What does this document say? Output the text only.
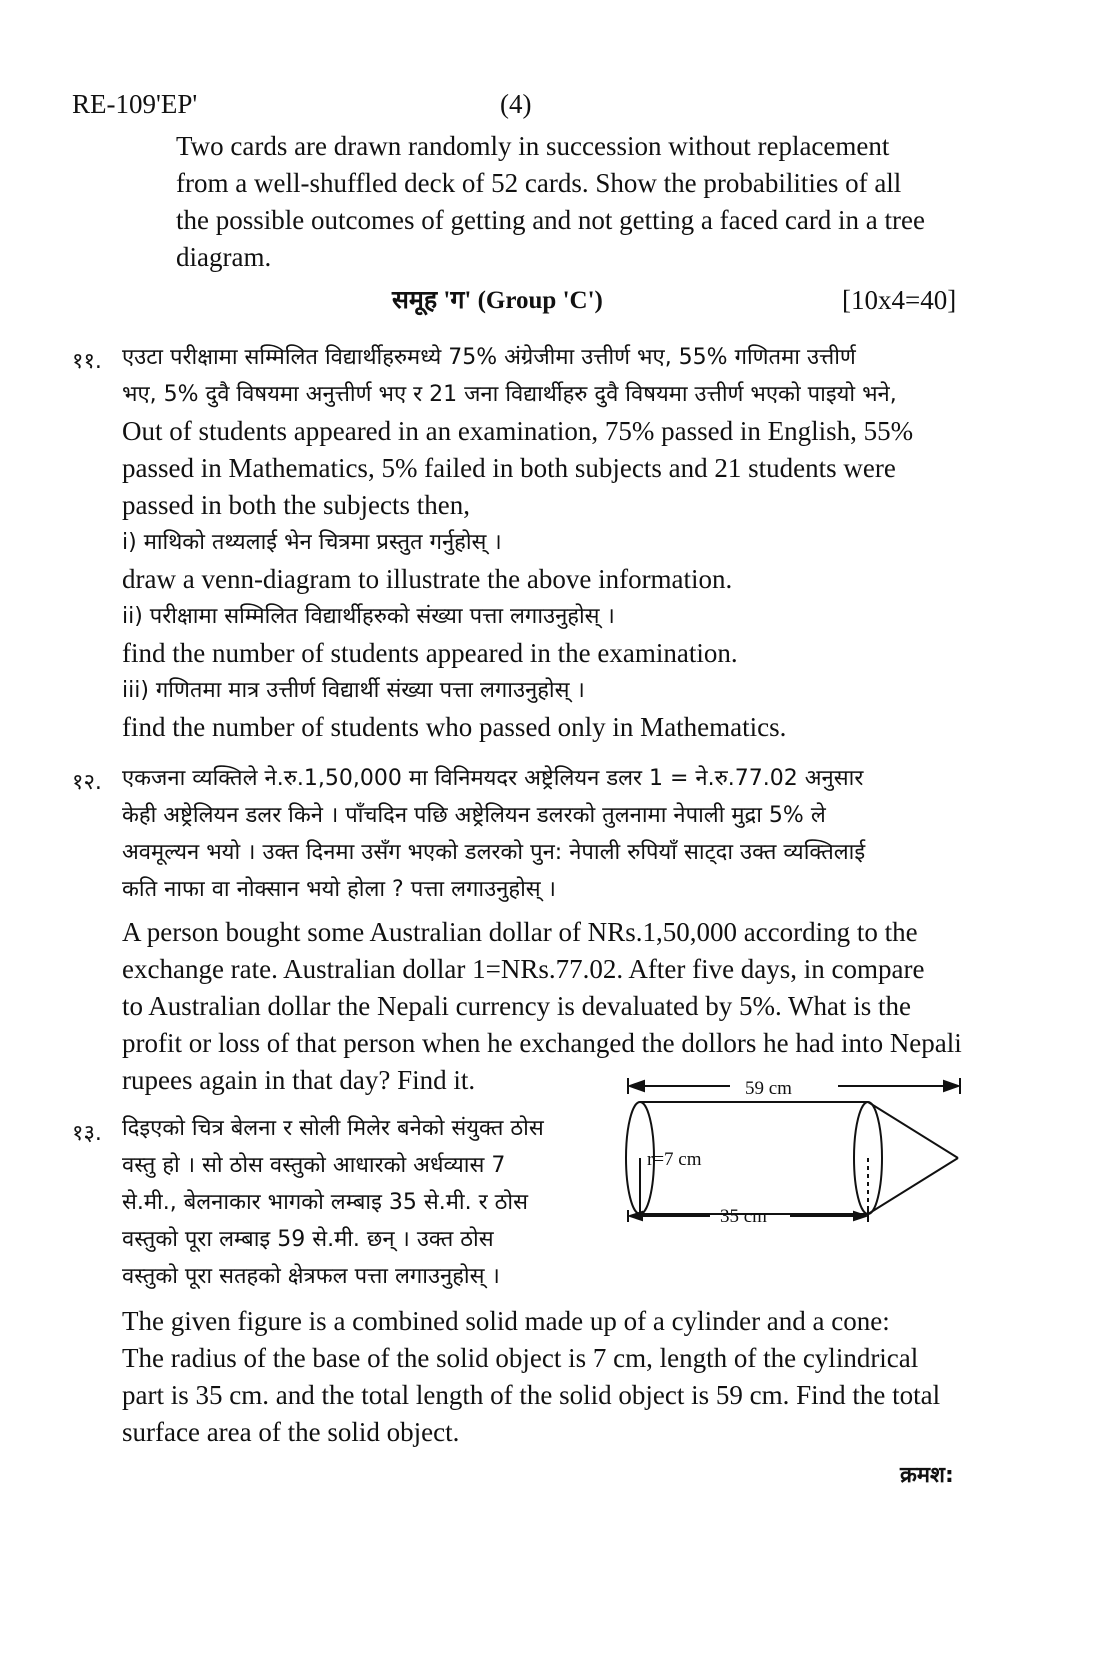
RE-109'EP'	(4)
Two cards are drawn randomly in succession without replacement
from a well-shuffled deck of 52 cards. Show the probabilities of all
the possible outcomes of getting and not getting a faced card in a tree
diagram.
समूह 'ग' (Group 'C')	[10x4=40]
११. एउटा परीक्षामा सम्मिलित विद्यार्थीहरुमध्ये 75% अंग्रेजीमा उत्तीर्ण भए, 55% गणितमा उत्तीर्ण
भए, 5% दुवै विषयमा अनुत्तीर्ण भए र 21 जना विद्यार्थीहरु दुवै विषयमा उत्तीर्ण भएको पाइयो भने,
Out of students appeared in an examination, 75% passed in English, 55%
passed in Mathematics, 5% failed in both subjects and 21 students were
passed in both the subjects then,
i) माथिको तथ्यलाई भेन चित्रमा प्रस्तुत गर्नुहोस् ।
draw a venn-diagram to illustrate the above information.
ii) परीक्षामा सम्मिलित विद्यार्थीहरुको संख्या पत्ता लगाउनुहोस् ।
find the number of students appeared in the examination.
iii) गणितमा मात्र उत्तीर्ण विद्यार्थी संख्या पत्ता लगाउनुहोस् ।
find the number of students who passed only in Mathematics.
१२. एकजना व्यक्तिले ने.रु.1,50,000 मा विनिमयदर अष्ट्रेलियन डलर 1 = ने.रु.77.02 अनुसार
केही अष्ट्रेलियन डलर किने । पाँचदिन पछि अष्ट्रेलियन डलरको तुलनामा नेपाली मुद्रा 5% ले
अवमूल्यन भयो । उक्त दिनमा उसँग भएको डलरको पुन: नेपाली रुपियाँ साट्दा उक्त व्यक्तिलाई
कति नाफा वा नोक्सान भयो होला ? पत्ता लगाउनुहोस् ।
A person bought some Australian dollar of NRs.1,50,000 according to the
exchange rate. Australian dollar 1=NRs.77.02. After five days, in compare
to Australian dollar the Nepali currency is devaluated by 5%. What is the
profit or loss of that person when he exchanged the dollors he had into Nepali
rupees again in that day? Find it.
१३. दिइएको चित्र बेलना र सोली मिलेर बनेको संयुक्त ठोस
वस्तु हो । सो ठोस वस्तुको आधारको अर्धव्यास 7
से.मी., बेलनाकार भागको लम्बाइ 35 से.मी. र ठोस
वस्तुको पूरा लम्बाइ 59 से.मी. छन् । उक्त ठोस
वस्तुको पूरा सतहको क्षेत्रफल पत्ता लगाउनुहोस् ।
59 cm
r=7 cm
35 cm
The given figure is a combined solid made up of a cylinder and a cone:
The radius of the base of the solid object is 7 cm, length of the cylindrical
part is 35 cm. and the total length of the solid object is 59 cm. Find the total
surface area of the solid object.
क्रमश:
